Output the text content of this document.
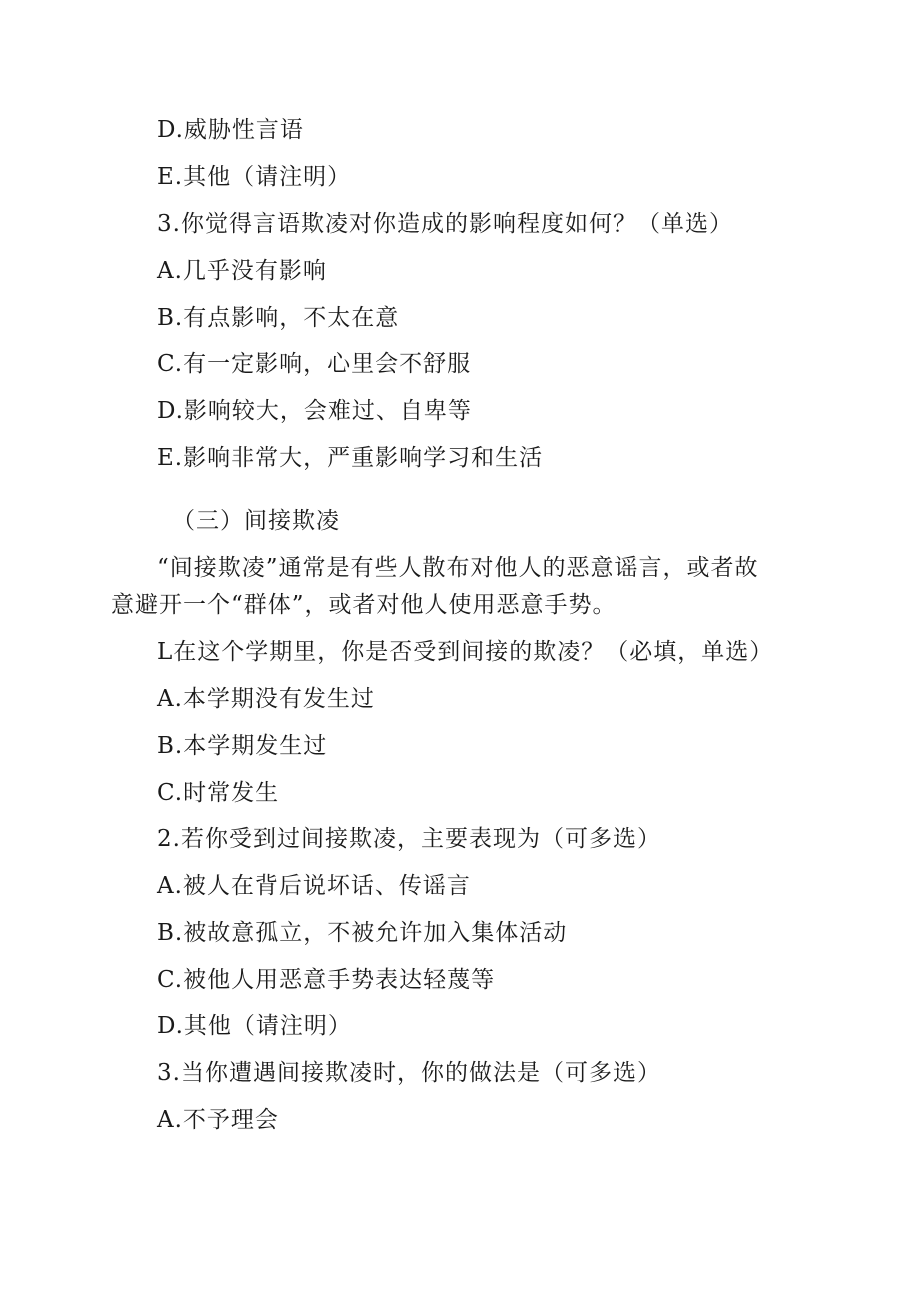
D.威胁性言语
E.其他（请注明）
3.你觉得言语欺凌对你造成的影响程度如何？（单选）
A.几乎没有影响
B.有点影响，不太在意
C.有一定影响，心里会不舒服
D.影响较大，会难过、自卑等
E.影响非常大，严重影响学习和生活
（三）间接欺凌
“间接欺凌”通常是有些人散布对他人的恶意谣言，或者故
意避开一个“群体”，或者对他人使用恶意手势。
L在这个学期里，你是否受到间接的欺凌？（必填，单选）
A.本学期没有发生过
B.本学期发生过
C.时常发生
2.若你受到过间接欺凌，主要表现为（可多选）
A.被人在背后说坏话、传谣言
B.被故意孤立，不被允许加入集体活动
C.被他人用恶意手势表达轻蔑等
D.其他（请注明）
3.当你遭遇间接欺凌时，你的做法是（可多选）
A.不予理会
